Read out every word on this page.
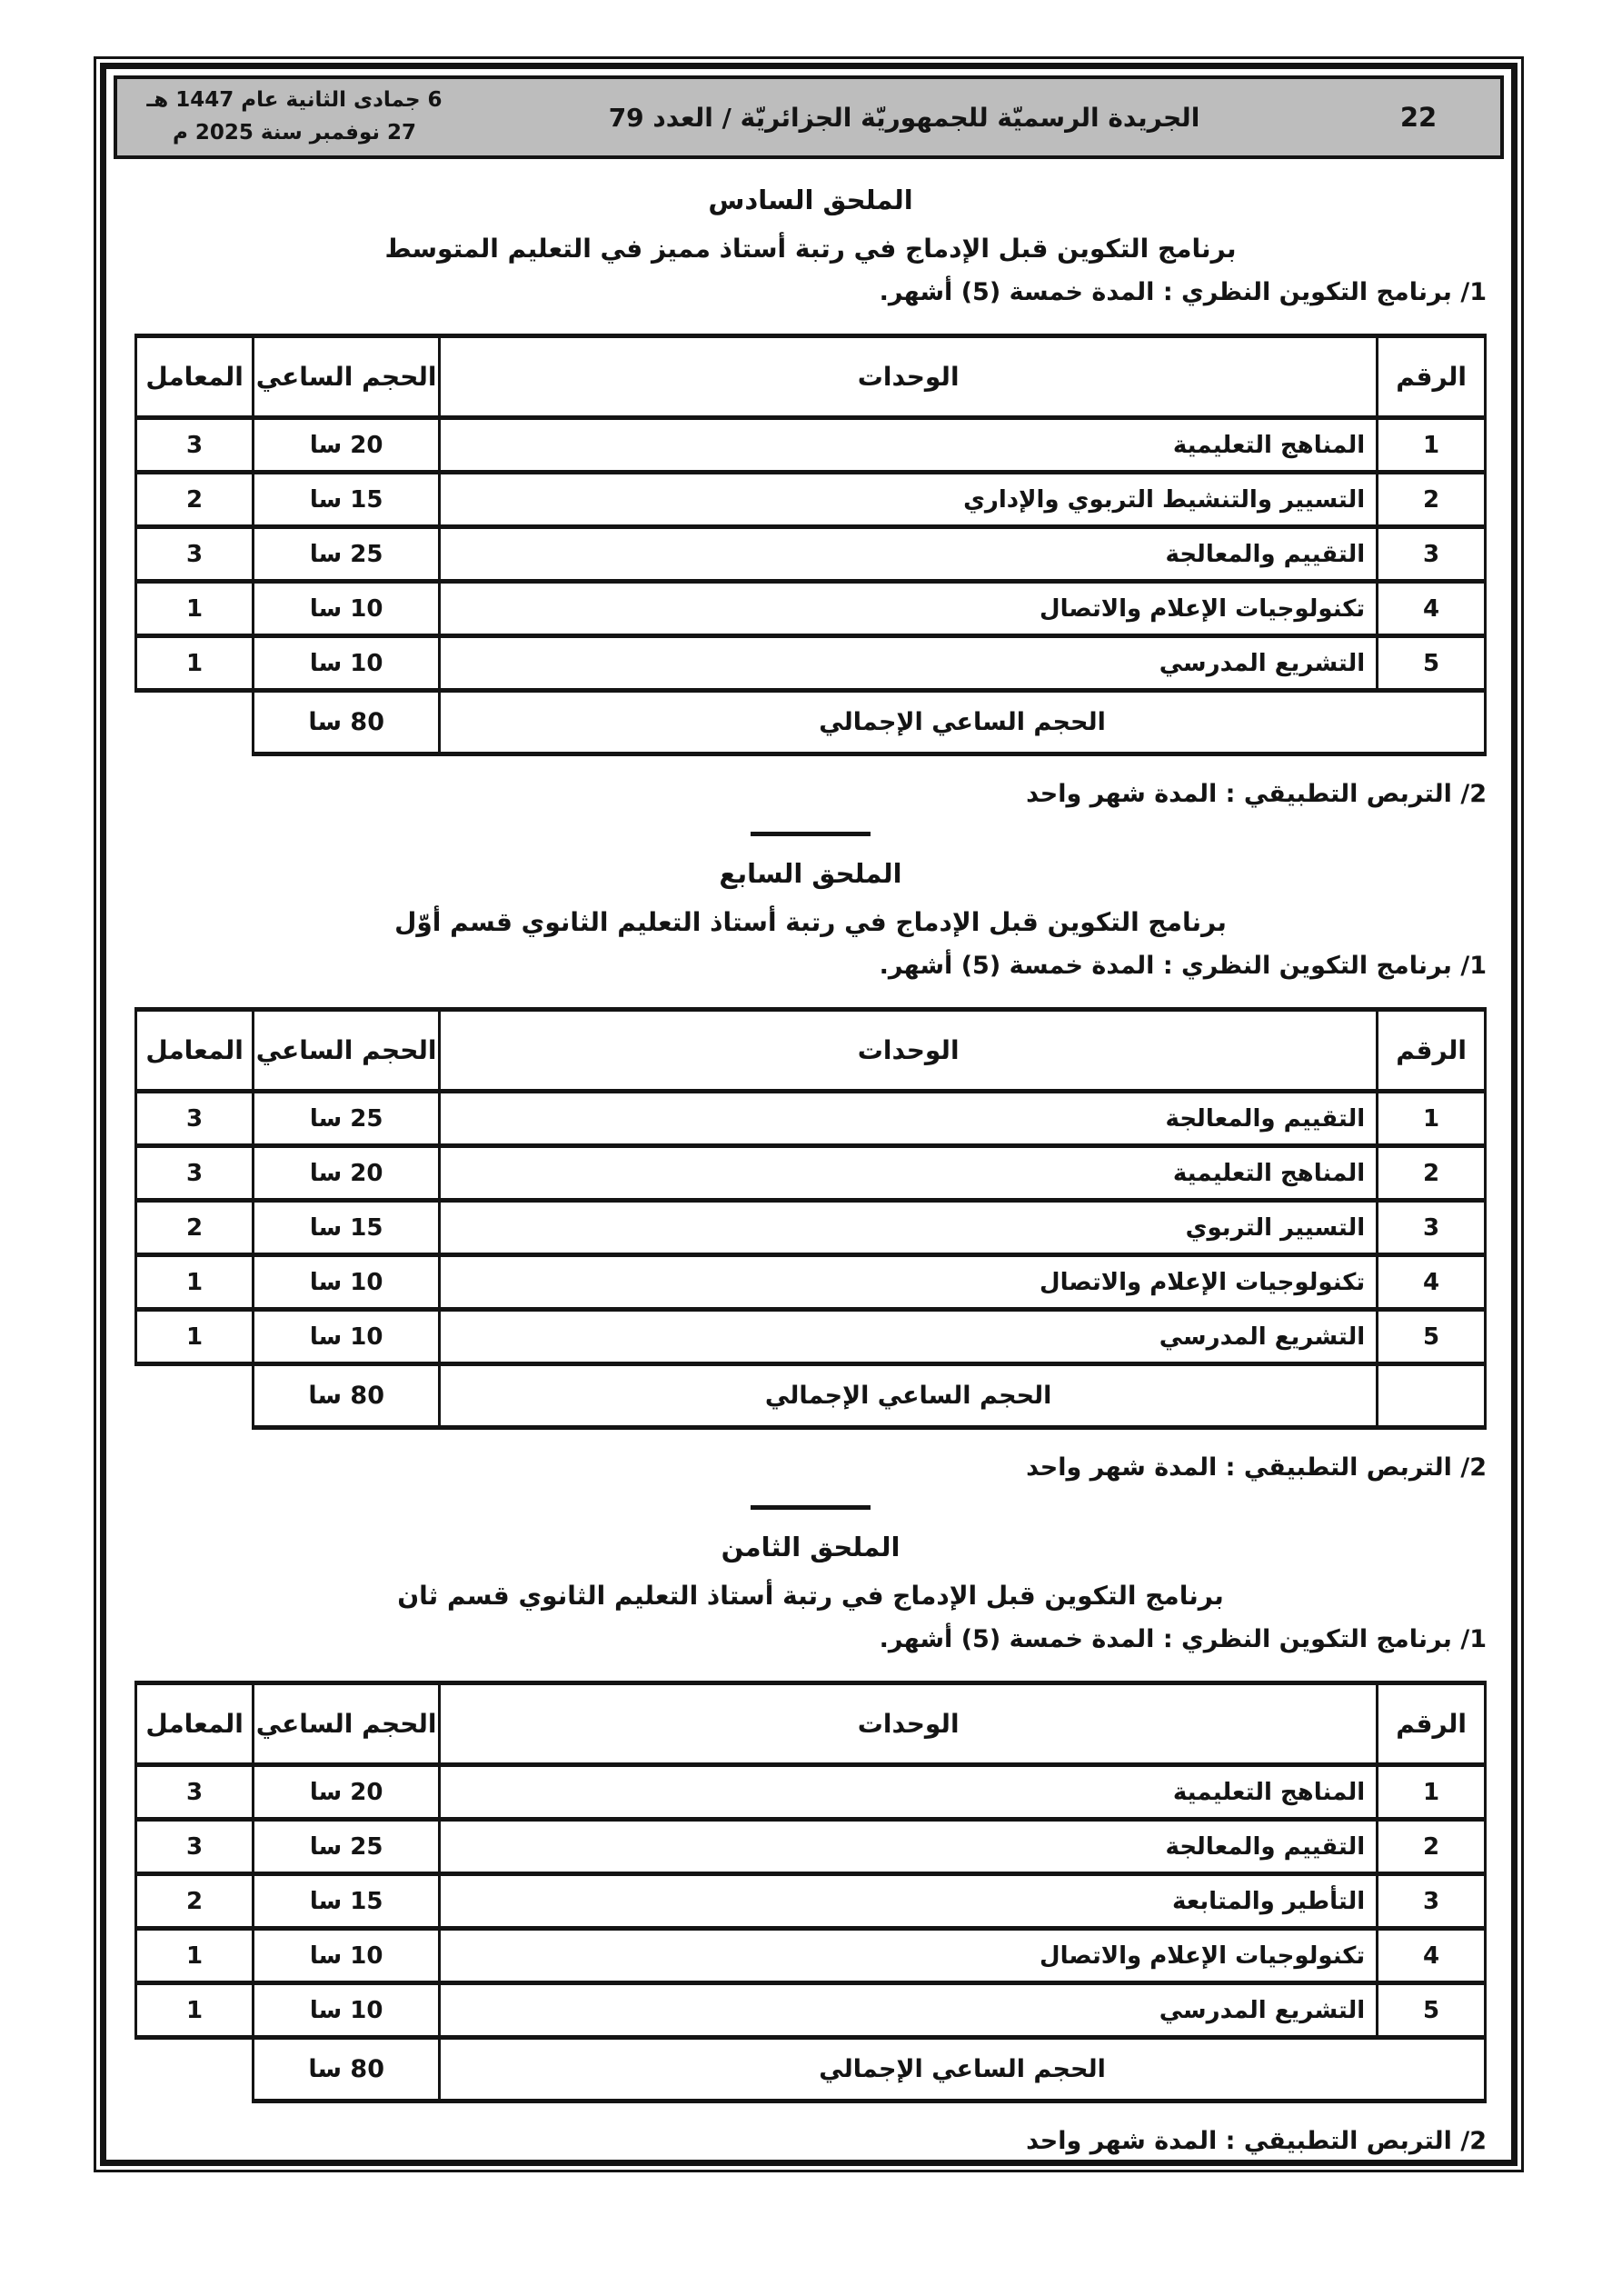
6 جمادى الثانية عام 1447 هـ
27 نوفمبر سنة 2025 م
الجريدة الرسميّة للجمهوريّة الجزائريّة / العدد 79	22
الملحق السادس
برنامج التكوين قبل الإدماج في رتبة أستاذ مميز في التعليم المتوسط

1/ برنامج التكوين النظري : المدة خمسة (5) أشهر.

الرقم	الوحدات	الحجم الساعي	المعامل
1	المناهج التعليمية	20 سا	3
2	التسيير والتنشيط التربوي والإداري	15 سا	2
3	التقييم والمعالجة	25 سا	3
4	تكنولوجيات الإعلام والاتصال	10 سا	1
5	التشريع المدرسي	10 سا	1
الحجم الساعي الإجمالي		80 سا	

2/ التربص التطبيقي : المدة شهر واحد

الملحق السابع
برنامج التكوين قبل الإدماج في رتبة أستاذ التعليم الثانوي قسم أوّل

1/ برنامج التكوين النظري : المدة خمسة (5) أشهر.

الرقم	الوحدات	الحجم الساعي	المعامل
1	التقييم والمعالجة	25 سا	3
2	المناهج التعليمية	20 سا	3
3	التسيير التربوي	15 سا	2
4	تكنولوجيات الإعلام والاتصال	10 سا	1
5	التشريع المدرسي	10 سا	1
	الحجم الساعي الإجمالي	80 سا	

2/ التربص التطبيقي : المدة شهر واحد

الملحق الثامن
برنامج التكوين قبل الإدماج في رتبة أستاذ التعليم الثانوي قسم ثان

1/ برنامج التكوين النظري : المدة خمسة (5) أشهر.

الرقم	الوحدات	الحجم الساعي	المعامل
1	المناهج التعليمية	20 سا	3
2	التقييم والمعالجة	25 سا	3
3	التأطير والمتابعة	15 سا	2
4	تكنولوجيات الإعلام والاتصال	10 سا	1
5	التشريع المدرسي	10 سا	1
الحجم الساعي الإجمالي		80 سا	

2/ التربص التطبيقي : المدة شهر واحد
